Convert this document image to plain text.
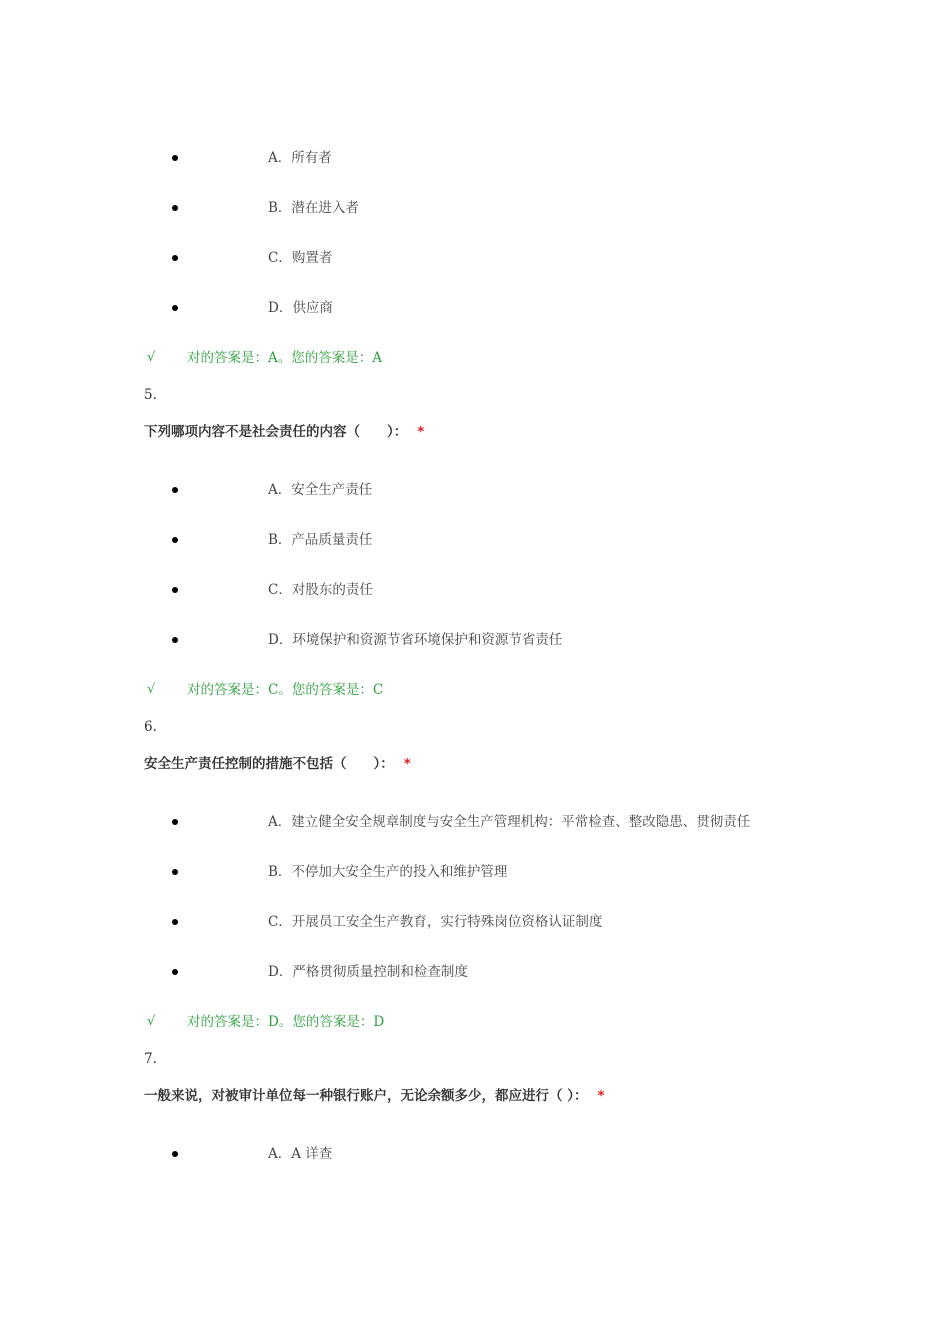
A．所有者
B．潜在进入者
C．购置者
D．供应商
√ 对的答案是：A。您的答案是：A
5.
下列哪项内容不是社会责任的内容（　　）： *
A．安全生产责任
B．产品质量责任
C．对股东的责任
D．环境保护和资源节省环境保护和资源节省责任
√ 对的答案是：C。您的答案是：C
6.
安全生产责任控制的措施不包括（　　）： *
A．建立健全安全规章制度与安全生产管理机构：平常检查、整改隐患、贯彻责任
B．不停加大安全生产的投入和维护管理
C．开展员工安全生产教育，实行特殊岗位资格认证制度
D．严格贯彻质量控制和检查制度
√ 对的答案是：D。您的答案是：D
7.
一般来说，对被审计单位每一种银行账户，无论余额多少，都应进行（ ）： *
A．A 详查
